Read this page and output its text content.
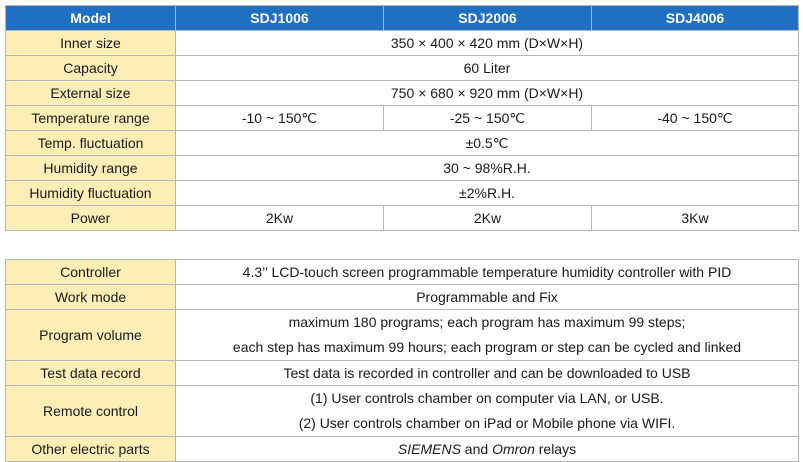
Model	SDJ1006	SDJ2006	SDJ4006
Inner size	350 × 400 × 420 mm (D×W×H)		
Capacity	60 Liter		
External size	750 × 680 × 920 mm (D×W×H)		
Temperature range	-10 ~ 150℃	-25 ~ 150℃	-40 ~ 150℃
Temp. fluctuation	±0.5℃		
Humidity range	30 ~ 98%R.H.		
Humidity fluctuation	±2%R.H.		
Power	2Kw	2Kw	3Kw
Controller	4.3’’ LCD-touch screen programmable temperature humidity controller with PID
Work mode	Programmable and Fix
Program volume	maximum 180 programs; each program has maximum 99 steps;
each step has maximum 99 hours; each program or step can be cycled and linked

Test data record	Test data is recorded in controller and can be downloaded to USB
Remote control	(1) User controls chamber on computer via LAN, or USB.
(2) User controls chamber on iPad or Mobile phone via WIFI.

Other electric parts	SIEMENS and Omron relays
